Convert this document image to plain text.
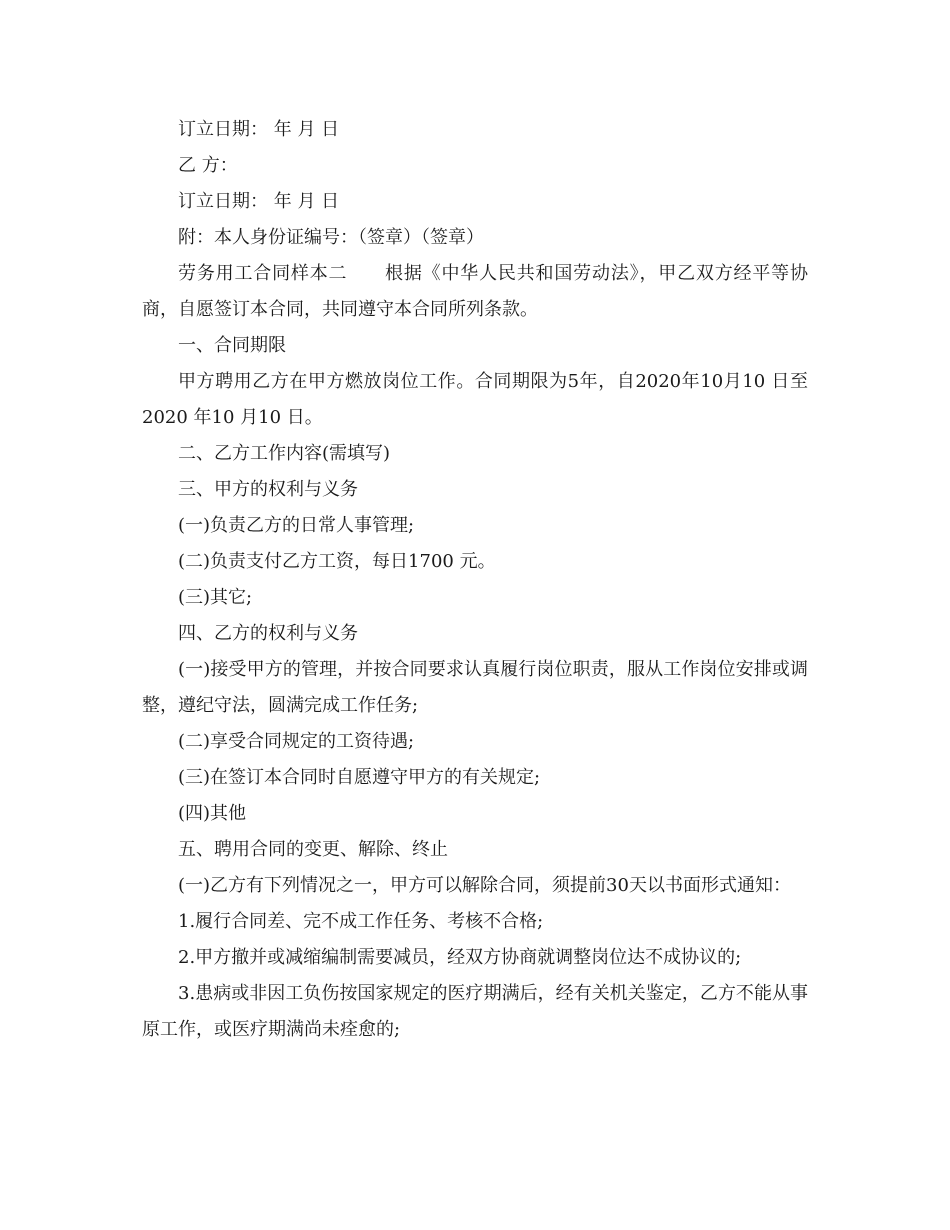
订立日期： 年 月 日

乙 方：

订立日期： 年 月 日

附：本人身份证编号：（签章）（签章）

劳务用工合同样本二　　根据《中华人民共和国劳动法》，甲乙双方经平等协商，自愿签订本合同，共同遵守本合同所列条款。

一、合同期限

甲方聘用乙方在甲方燃放岗位工作。合同期限为5年，自2020年10月10 日至2020 年10 月10 日。

二、乙方工作内容(需填写)

三、甲方的权利与义务

(一)负责乙方的日常人事管理;

(二)负责支付乙方工资，每日1700 元。

(三)其它;

四、乙方的权利与义务

(一)接受甲方的管理，并按合同要求认真履行岗位职责，服从工作岗位安排或调整，遵纪守法，圆满完成工作任务;

(二)享受合同规定的工资待遇;

(三)在签订本合同时自愿遵守甲方的有关规定;

(四)其他

五、聘用合同的变更、解除、终止

(一)乙方有下列情况之一，甲方可以解除合同，须提前30天以书面形式通知：

1.履行合同差、完不成工作任务、考核不合格;

2.甲方撤并或减缩编制需要减员，经双方协商就调整岗位达不成协议的;

3.患病或非因工负伤按国家规定的医疗期满后，经有关机关鉴定，乙方不能从事原工作，或医疗期满尚未痊愈的;
